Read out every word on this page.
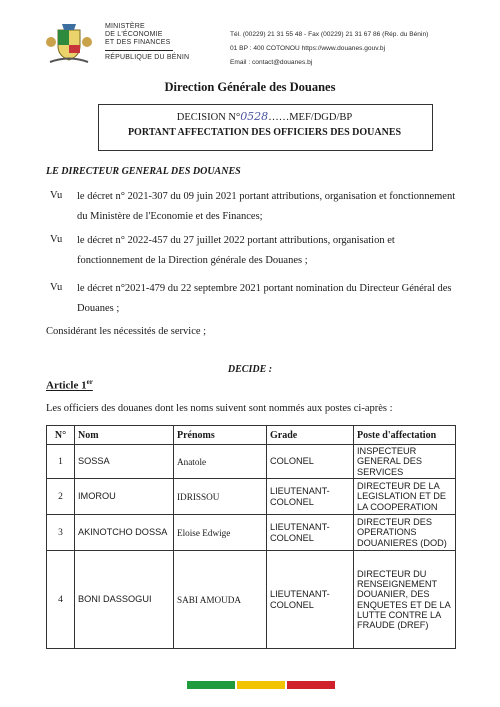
MINISTÈRE
DE L'ÉCONOMIE
ET DES FINANCES
RÉPUBLIQUE DU BÉNIN
Tél. (00229) 21 31 55 48 - Fax (00229) 21 31 67 86 (Rép. du Bénin)
01 BP : 400 COTONOU https://www.douanes.gouv.bj
Email : contact@douanes.bj
Direction Générale des Douanes
DECISION N°0528……MEF/DGD/BP
PORTANT AFFECTATION DES OFFICIERS DES DOUANES
LE DIRECTEUR GENERAL DES DOUANES
Vu le décret n° 2021-307 du 09 juin 2021 portant attributions, organisation et fonctionnement du Ministère de l'Economie et des Finances;
Vu le décret n° 2022-457 du 27 juillet 2022 portant attributions, organisation et fonctionnement de la Direction générale des Douanes ;
Vu le décret n°2021-479 du 22 septembre 2021 portant nomination du Directeur Général des Douanes ;
Considérant les nécessités de service ;
DECIDE :
Article 1er
Les officiers des douanes dont les noms suivent sont nommés aux postes ci-après :
N°	Nom	Prénoms	Grade	Poste d'affectation
1	SOSSA	Anatole	COLONEL	INSPECTEUR GENERAL DES SERVICES
2	IMOROU	IDRISSOU	LIEUTENANT-COLONEL	DIRECTEUR DE LA LEGISLATION ET DE LA COOPERATION
3	AKINOTCHO DOSSA	Eloise Edwige	LIEUTENANT-COLONEL	DIRECTEUR DES OPERATIONS DOUANIERES (DOD)
4	BONI DASSOGUI	SABI AMOUDA	LIEUTENANT-COLONEL	DIRECTEUR DU RENSEIGNEMENT DOUANIER, DES ENQUETES ET DE LA LUTTE CONTRE LA FRAUDE (DREF)
